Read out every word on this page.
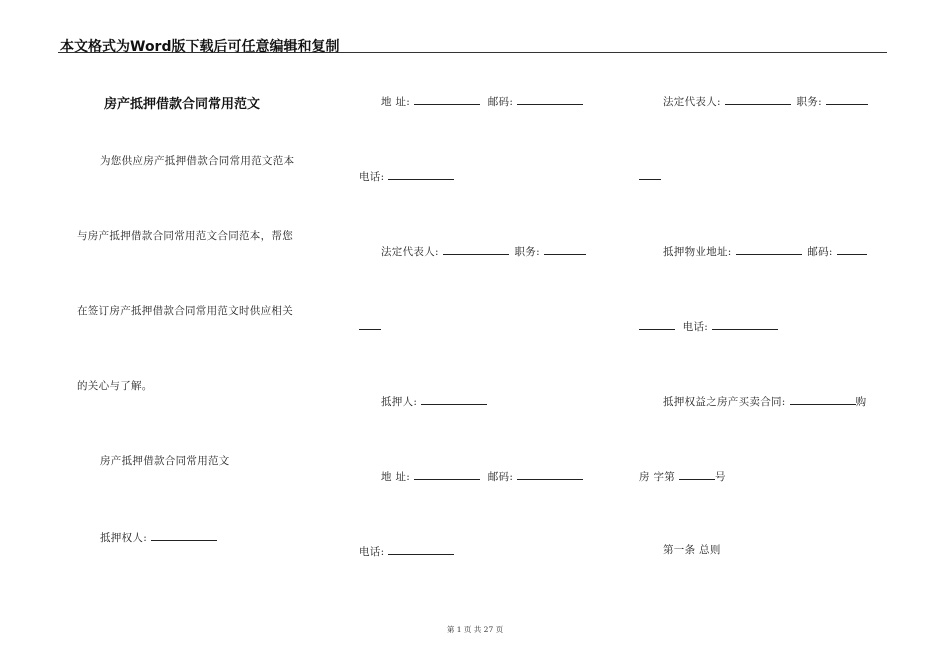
本文格式为Word版下载后可任意编辑和复制
房产抵押借款合同常用范文
为您供应房产抵押借款合同常用范文范本
与房产抵押借款合同常用范文合同范本，帮您
在签订房产抵押借款合同常用范文时供应相关
的关心与了解。
房产抵押借款合同常用范文
抵押权人:
地 址:	邮码:
电话:
法定代表人:	职务:
抵押人:
地 址:	邮码:
电话:
法定代表人:	职务:
抵押物业地址:	邮码:
电话:
抵押权益之房产买卖合同:	购
房 字第	号
第一条 总则
第 1 页 共 27 页
